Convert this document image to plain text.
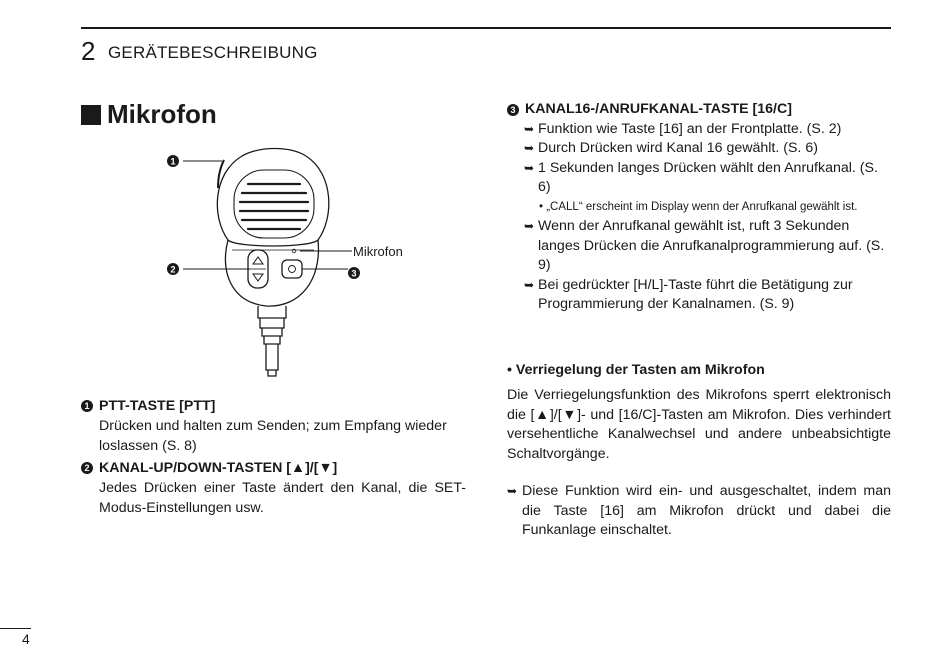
2 GERÄTEBESCHREIBUNG
Mikrofon
1
2	3
Mikrofon
1 PTT-TASTE [PTT]
Drücken und halten zum Senden; zum Empfang wieder loslassen (S. 8)
2 KANAL-UP/DOWN-TASTEN [▲]/[▼]
Jedes Drücken einer Taste ändert den Kanal, die SET-Modus-Einstellungen usw.
3 KANAL16-/ANRUFKANAL-TASTE [16/C]
➥ Funktion wie Taste [16] an der Frontplatte. (S. 2)
➥ Durch Drücken wird Kanal 16 gewählt. (S. 6)
➥ 1 Sekunden langes Drücken wählt den Anrufkanal. (S. 6)
• „CALL“ erscheint im Display wenn der Anrufkanal gewählt ist.
➥ Wenn der Anrufkanal gewählt ist, ruft 3 Sekunden langes Drücken die Anrufkanalprogrammierung auf. (S. 9)
➥ Bei gedrückter [H/L]-Taste führt die Betätigung zur Programmierung der Kanalnamen. (S. 9)
• Verriegelung der Tasten am Mikrofon
Die Verriegelungsfunktion des Mikrofons sperrt elektronisch die [▲]/[▼]- und [16/C]-Tasten am Mikrofon. Dies verhindert versehentliche Kanalwechsel und andere unbeabsichtigte Schaltvorgänge.
➥ Diese Funktion wird ein- und ausgeschaltet, indem man die Taste [16] am Mikrofon drückt und dabei die Funkanlage einschaltet.
4
